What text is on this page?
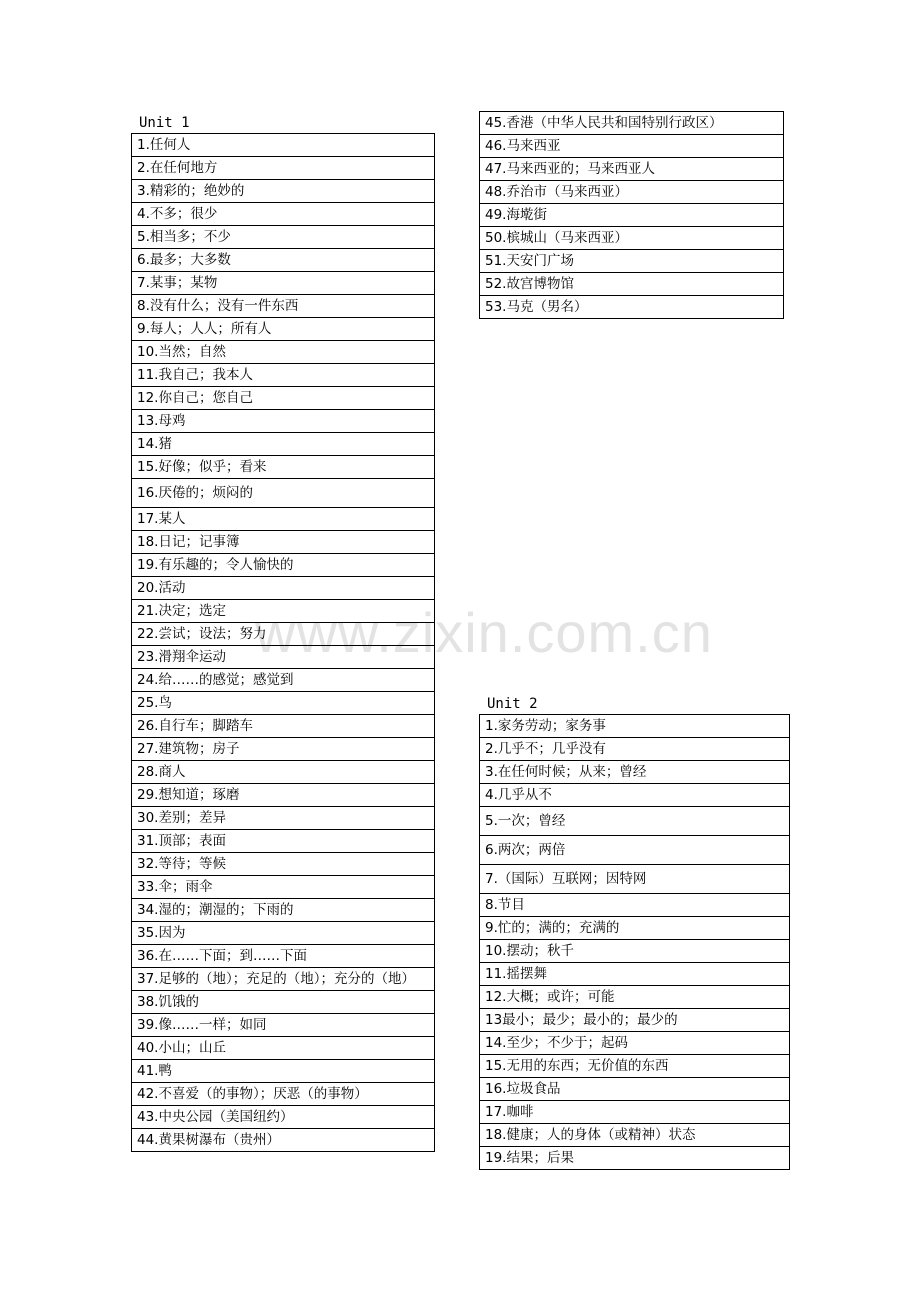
www.zixin.com.cn
Unit 1
1.任何人
2.在任何地方
3.精彩的；绝妙的
4.不多；很少
5.相当多；不少
6.最多；大多数
7.某事；某物
8.没有什么；没有一件东西
9.每人；人人；所有人
10.当然；自然
11.我自己；我本人
12.你自己；您自己
13.母鸡
14.猪
15.好像；似乎；看来
16.厌倦的；烦闷的
17.某人
18.日记；记事簿
19.有乐趣的；令人愉快的
20.活动
21.决定；选定
22.尝试；设法；努力
23.滑翔伞运动
24.给……的感觉；感觉到
25.鸟
26.自行车；脚踏车
27.建筑物；房子
28.商人
29.想知道；琢磨
30.差别；差异
31.顶部；表面
32.等待；等候
33.伞；雨伞
34.湿的；潮湿的；下雨的
35.因为
36.在……下面；到……下面
37.足够的（地）；充足的（地）；充分的（地）
38.饥饿的
39.像……一样；如同
40.小山；山丘
41.鸭
42.不喜爱（的事物）；厌恶（的事物）
43.中央公园（美国纽约）
44.黄果树瀑布（贵州）
45.香港（中华人民共和国特别行政区）
46.马来西亚
47.马来西亚的；马来西亚人
48.乔治市（马来西亚）
49.海墘街
50.槟城山（马来西亚）
51.天安门广场
52.故宫博物馆
53.马克（男名）
Unit 2
1.家务劳动；家务事
2.几乎不；几乎没有
3.在任何时候；从来；曾经
4.几乎从不
5.一次；曾经
6.两次；两倍
7.（国际）互联网；因特网
8.节目
9.忙的；满的；充满的
10.摆动；秋千
11.摇摆舞
12.大概；或许；可能
13最小；最少；最小的；最少的
14.至少；不少于；起码
15.无用的东西；无价值的东西
16.垃圾食品
17.咖啡
18.健康；人的身体（或精神）状态
19.结果；后果
